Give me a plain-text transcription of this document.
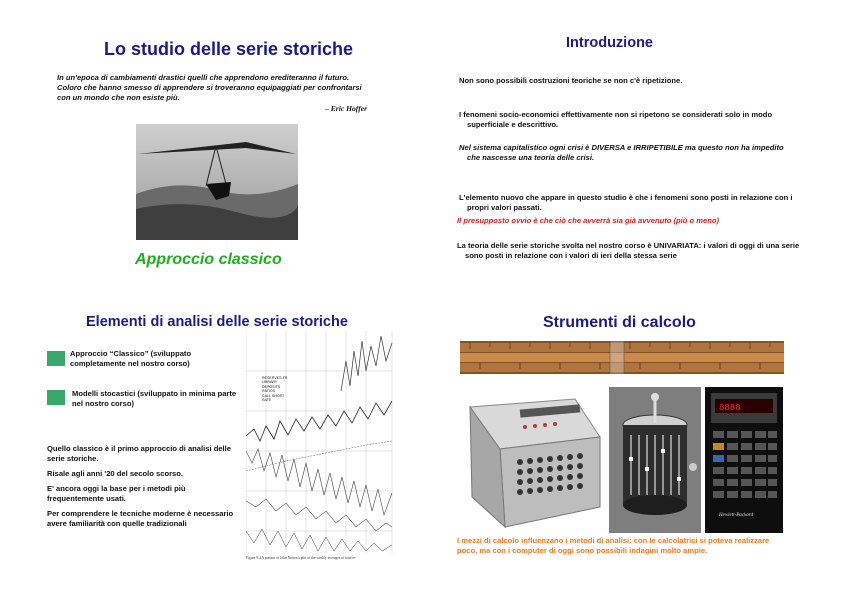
Lo studio delle serie storiche
In un'epoca di cambiamenti drastici quelli che apprendono erediteranno il futuro. Coloro che hanno smesso di apprendere si troveranno equipaggiati per confrontarsi con un mondo che non esiste più.
– Eric Hoffer
Approccio classico
Introduzione
Non sono possibili costruzioni teoriche se non c'è ripetizione.
I fenomeni socio-economici effettivamente non si ripetono se considerati solo in modo superficiale e descrittivo.
Nel sistema capitalistico ogni crisi è DIVERSA e IRRIPETIBILE ma questo non ha impedito che nascesse una teoria delle crisi.
L'elemento nuovo che appare in questo studio è che i fenomeni sono posti in relazione con i propri valori passati.
Il presupposto ovvio è che ciò che avverrà sia già avvenuto (più o meno)
La teoria delle serie storiche svolta nel nostro corso è UNIVARIATA: i valori di oggi di una serie sono posti in relazione con i valori di ieri della stessa serie
Elementi di analisi delle serie storiche
Approccio “Classico” (sviluppato completamente nel nostro corso)
Modelli stocastici (sviluppato in minima parte nel nostro corso)
Quello classico è il primo approccio di analisi delle serie storiche.
Risale agli anni '20 del secolo scorso.
E' ancora oggi la base per i metodi più frequentemente usati.
Per comprendere le tecniche moderne è necessario avere familiarità con quelle tradizionali
RESERVES-FR
LIBRARY
DEPOSITS
RATIOS
CALL SHORT
RATE
Figure 9.4 A portion of John Norton's plot of the weekly averages of total re-
Strumenti di calcolo
8888
Hewlett-Packard
I mezzi di calcolo influenzano i metodi di analisi: con le calcolatrici si poteva realizzare poco, ma con i computer di oggi sono possibili indagini molto ampie.
